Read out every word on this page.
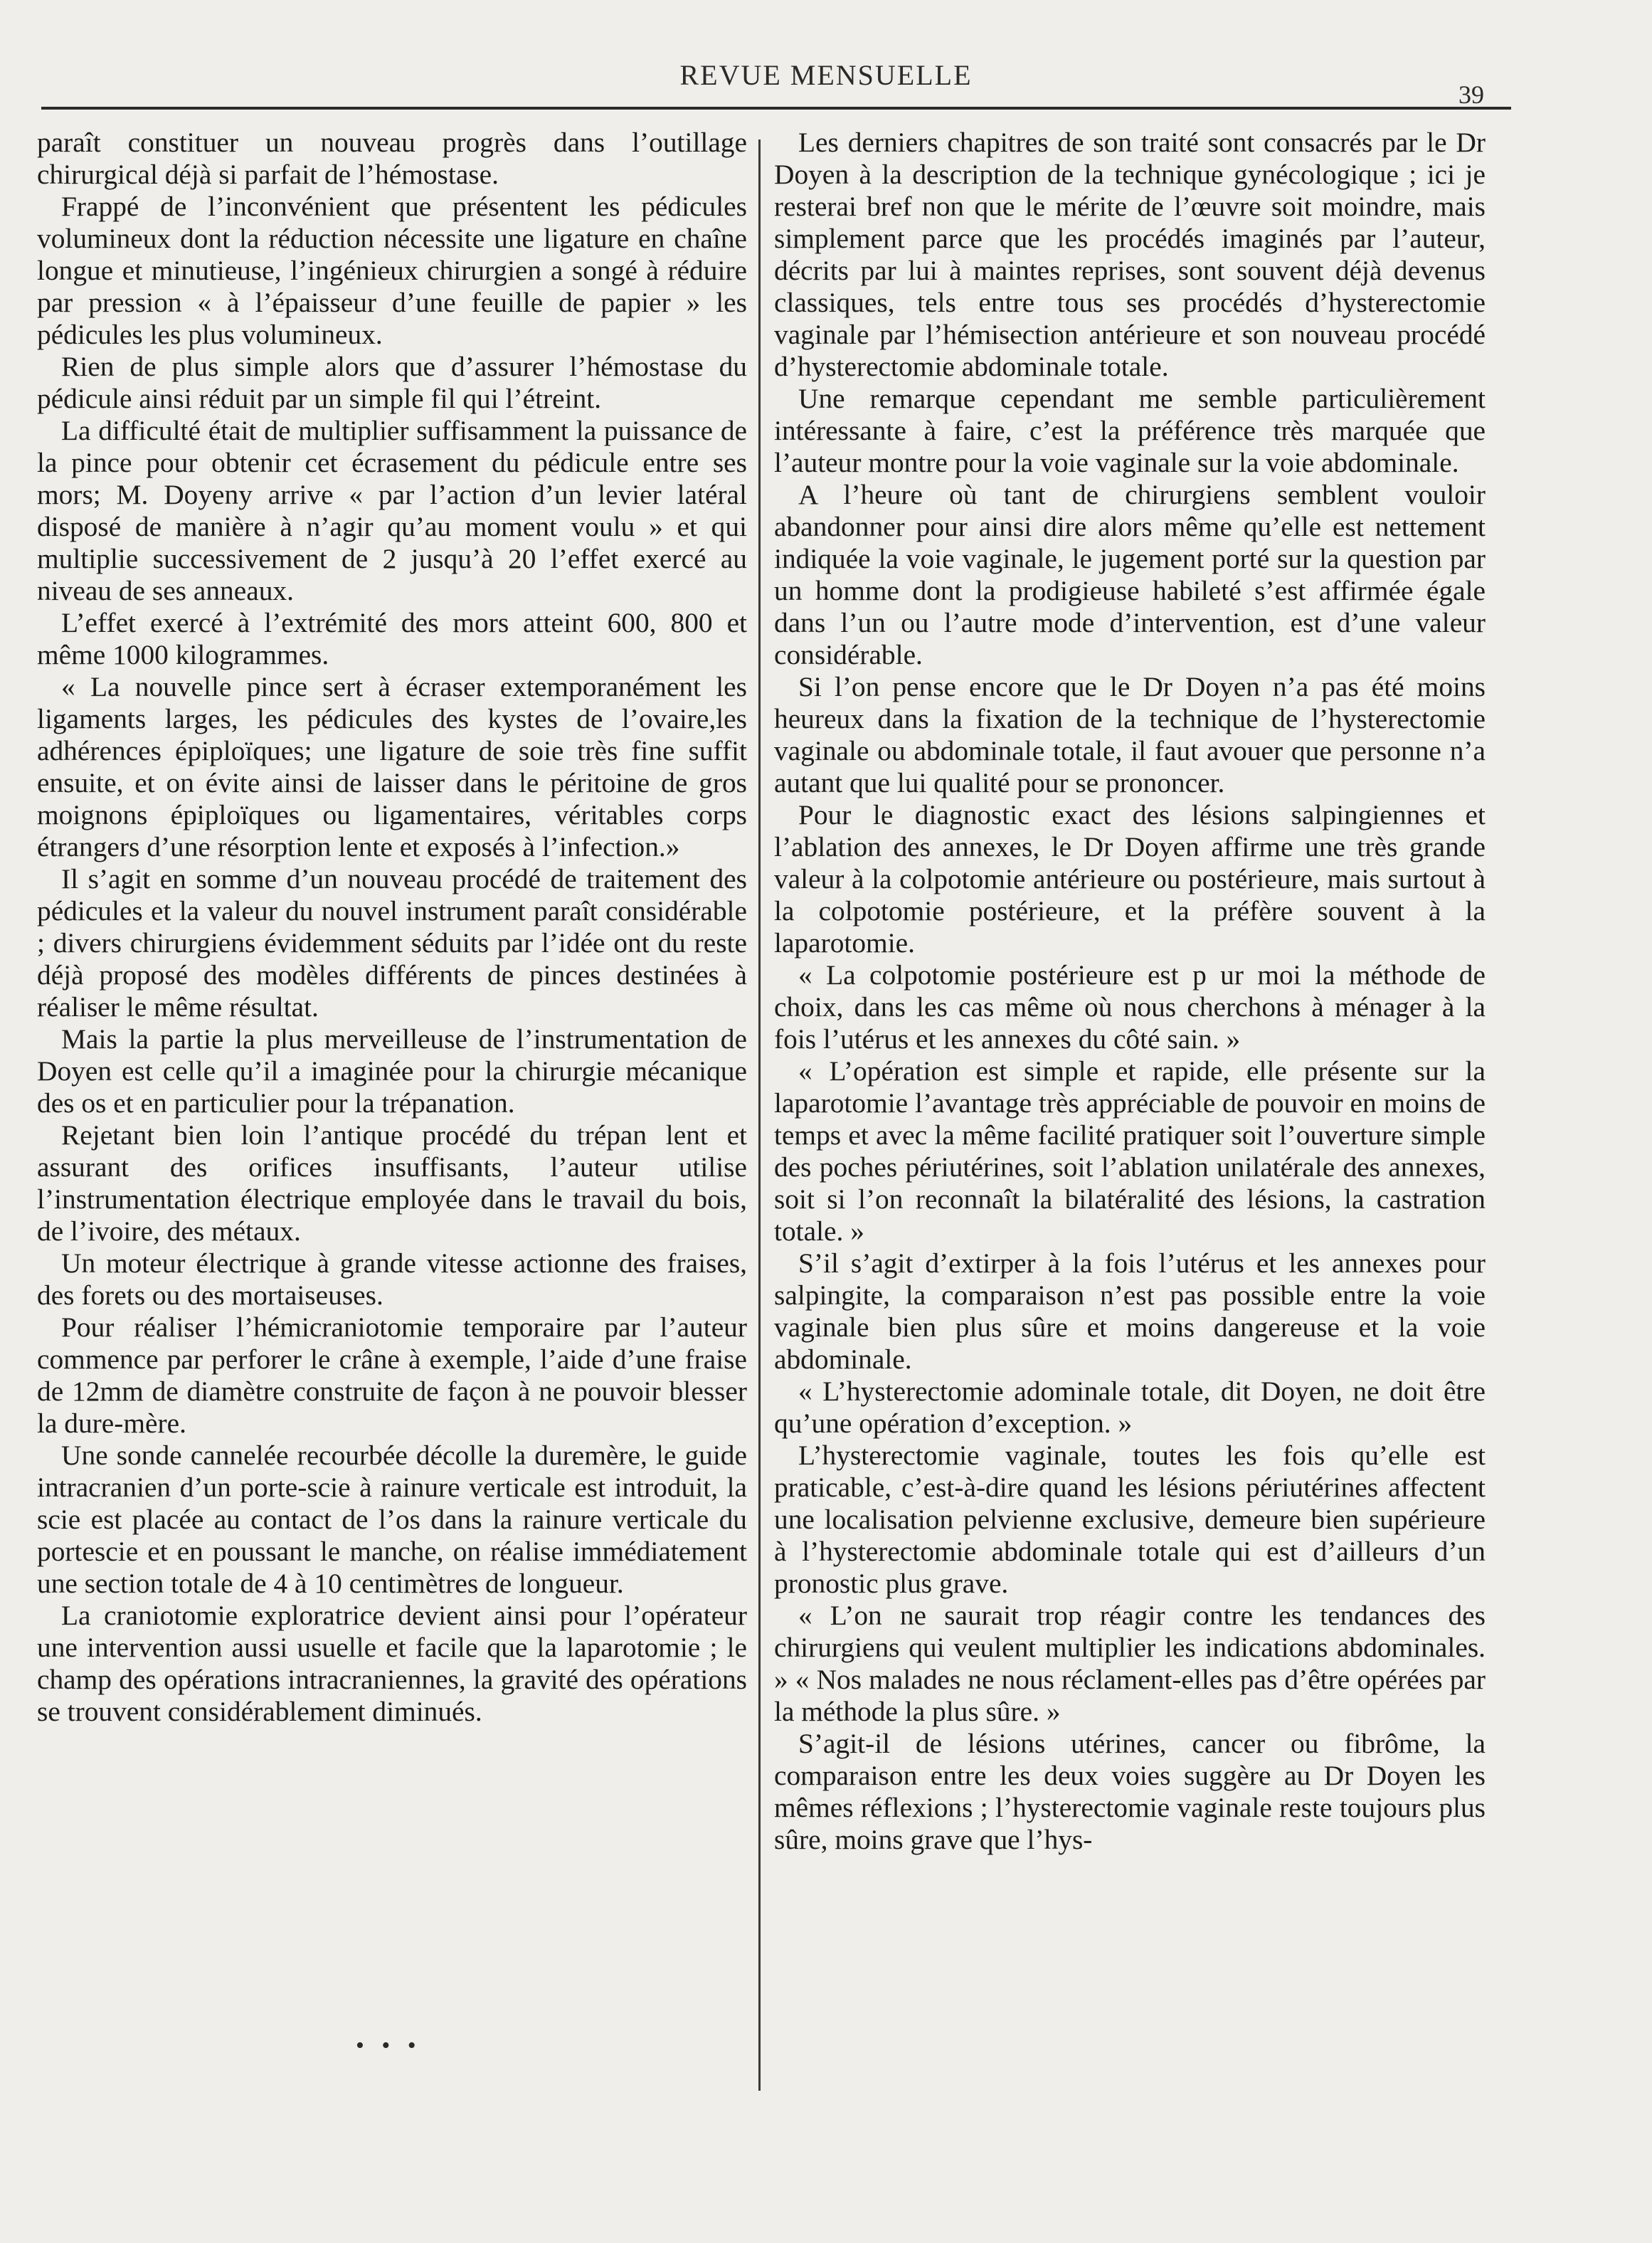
REVUE MENSUELLE
39

paraît constituer un nouveau progrès dans l’outillage chirurgical déjà si parfait de l’hémostase.

Frappé de l’inconvénient que présentent les pédicules volumineux dont la réduction nécessite une ligature en chaîne longue et minutieuse, l’ingénieux chirurgien a songé à réduire par pression « à l’épaisseur d’une feuille de papier » les pédicules les plus volumineux.

Rien de plus simple alors que d’assurer l’hémostase du pédicule ainsi réduit par un simple fil qui l’étreint.

La difficulté était de multiplier suffisamment la puissance de la pince pour obtenir cet écrasement du pédicule entre ses mors; M. Doyeny arrive « par l’action d’un levier latéral disposé de manière à n’agir qu’au moment voulu » et qui multiplie successivement de 2 jusqu’à 20 l’effet exercé au niveau de ses anneaux.

L’effet exercé à l’extrémité des mors atteint 600, 800 et même 1000 kilogrammes.

« La nouvelle pince sert à écraser extemporanément les ligaments larges, les pédicules des kystes de l’ovaire,les adhérences épiploïques; une ligature de soie très fine suffit ensuite, et on évite ainsi de laisser dans le péritoine de gros moignons épiploïques ou ligamentaires, véritables corps étrangers d’une résorption lente et exposés à l’infection.»

Il s’agit en somme d’un nouveau procédé de traitement des pédicules et la valeur du nouvel instrument paraît considérable ; divers chirurgiens évidemment séduits par l’idée ont du reste déjà proposé des modèles différents de pinces destinées à réaliser le même résultat.

Mais la partie la plus merveilleuse de l’instrumentation de Doyen est celle qu’il a imaginée pour la chirurgie mécanique des os et en particulier pour la trépanation.

Rejetant bien loin l’antique procédé du trépan lent et assurant des orifices insuffisants, l’auteur utilise l’instrumentation électrique employée dans le travail du bois, de l’ivoire, des métaux.

Un moteur électrique à grande vitesse actionne des fraises, des forets ou des mortaiseuses.

Pour réaliser l’hémicraniotomie temporaire par l’auteur commence par perforer le crâne à exemple, l’aide d’une fraise de 12mm de diamètre construite de façon à ne pouvoir blesser la dure-mère.

Une sonde cannelée recourbée décolle la duremère, le guide intracranien d’un porte-scie à rainure verticale est introduit, la scie est placée au contact de l’os dans la rainure verticale du portescie et en poussant le manche, on réalise immédiatement une section totale de 4 à 10 centimètres de longueur.

La craniotomie exploratrice devient ainsi pour l’opérateur une intervention aussi usuelle et facile que la laparotomie ; le champ des opérations intracraniennes, la gravité des opérations se trouvent considérablement diminués.

Les derniers chapitres de son traité sont consacrés par le Dr Doyen à la description de la technique gynécologique ; ici je resterai bref non que le mérite de l’œuvre soit moindre, mais simplement parce que les procédés imaginés par l’auteur, décrits par lui à maintes reprises, sont souvent déjà devenus classiques, tels entre tous ses procédés d’hysterectomie vaginale par l’hémisection antérieure et son nouveau procédé d’hysterectomie abdominale totale.

Une remarque cependant me semble particulièrement intéressante à faire, c’est la préférence très marquée que l’auteur montre pour la voie vaginale sur la voie abdominale.

A l’heure où tant de chirurgiens semblent vouloir abandonner pour ainsi dire alors même qu’elle est nettement indiquée la voie vaginale, le jugement porté sur la question par un homme dont la prodigieuse habileté s’est affirmée égale dans l’un ou l’autre mode d’intervention, est d’une valeur considérable.

Si l’on pense encore que le Dr Doyen n’a pas été moins heureux dans la fixation de la technique de l’hysterectomie vaginale ou abdominale totale, il faut avouer que personne n’a autant que lui qualité pour se prononcer.

Pour le diagnostic exact des lésions salpingiennes et l’ablation des annexes, le Dr Doyen affirme une très grande valeur à la colpotomie antérieure ou postérieure, mais surtout à la colpotomie postérieure, et la préfère souvent à la laparotomie.

« La colpotomie postérieure est p ur moi la méthode de choix, dans les cas même où nous cherchons à ménager à la fois l’utérus et les annexes du côté sain. »

« L’opération est simple et rapide, elle présente sur la laparotomie l’avantage très appréciable de pouvoir en moins de temps et avec la même facilité pratiquer soit l’ouverture simple des poches périutérines, soit l’ablation unilatérale des annexes, soit si l’on reconnaît la bilatéralité des lésions, la castration totale. »

S’il s’agit d’extirper à la fois l’utérus et les annexes pour salpingite, la comparaison n’est pas possible entre la voie vaginale bien plus sûre et moins dangereuse et la voie abdominale.

« L’hysterectomie adominale totale, dit Doyen, ne doit être qu’une opération d’exception. »

L’hysterectomie vaginale, toutes les fois qu’elle est praticable, c’est-à-dire quand les lésions périutérines affectent une localisation pelvienne exclusive, demeure bien supérieure à l’hysterectomie abdominale totale qui est d’ailleurs d’un pronostic plus grave.

« L’on ne saurait trop réagir contre les tendances des chirurgiens qui veulent multiplier les indications abdominales. » « Nos malades ne nous réclament-elles pas d’être opérées par la méthode la plus sûre. »

S’agit-il de lésions utérines, cancer ou fibrôme, la comparaison entre les deux voies suggère au Dr Doyen les mêmes réflexions ; l’hysterectomie vaginale reste toujours plus sûre, moins grave que l’hys-

• • •
